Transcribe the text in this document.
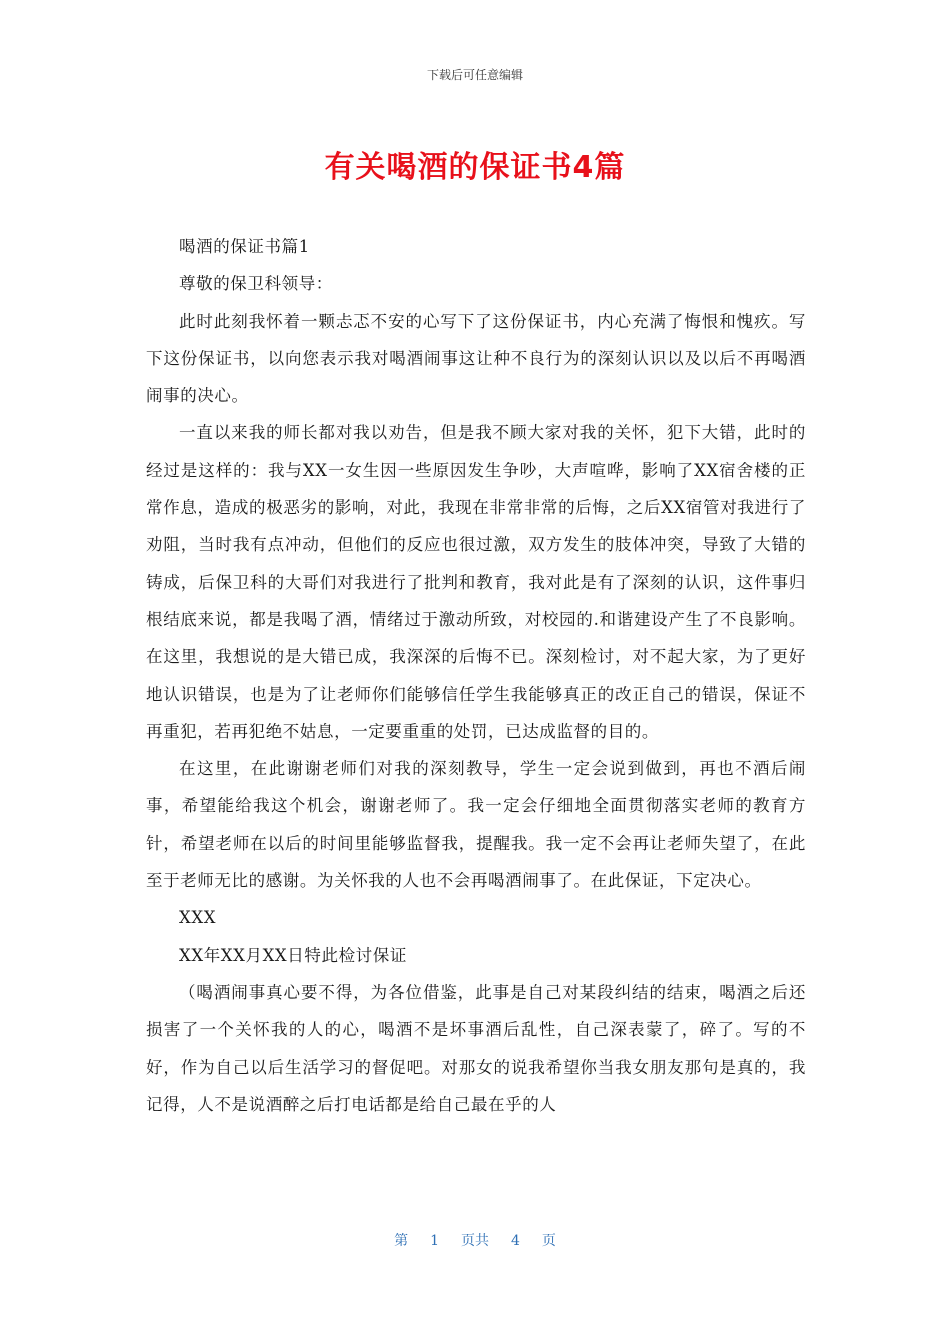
下载后可任意编辑
有关喝酒的保证书4篇

喝酒的保证书篇1

尊敬的保卫科领导：

此时此刻我怀着一颗忐忑不安的心写下了这份保证书，内心充满了悔恨和愧疚。写下这份保证书，以向您表示我对喝酒闹事这让种不良行为的深刻认识以及以后不再喝酒闹事的决心。

一直以来我的师长都对我以劝告，但是我不顾大家对我的关怀，犯下大错，此时的经过是这样的：我与XX一女生因一些原因发生争吵，大声喧哗，影响了XX宿舍楼的正常作息，造成的极恶劣的影响，对此，我现在非常非常的后悔，之后XX宿管对我进行了劝阻，当时我有点冲动，但他们的反应也很过激，双方发生的肢体冲突，导致了大错的铸成，后保卫科的大哥们对我进行了批判和教育，我对此是有了深刻的认识，这件事归根结底来说，都是我喝了酒，情绪过于激动所致，对校园的.和谐建设产生了不良影响。在这里，我想说的是大错已成，我深深的后悔不已。深刻检讨，对不起大家，为了更好地认识错误，也是为了让老师你们能够信任学生我能够真正的改正自己的错误，保证不再重犯，若再犯绝不姑息，一定要重重的处罚，已达成监督的目的。

在这里，在此谢谢老师们对我的深刻教导，学生一定会说到做到，再也不酒后闹事，希望能给我这个机会，谢谢老师了。我一定会仔细地全面贯彻落实老师的教育方针，希望老师在以后的时间里能够监督我，提醒我。我一定不会再让老师失望了，在此至于老师无比的感谢。为关怀我的人也不会再喝酒闹事了。在此保证，下定决心。

XXX

XX年XX月XX日特此检讨保证

（喝酒闹事真心要不得，为各位借鉴，此事是自己对某段纠结的结束，喝酒之后还损害了一个关怀我的人的心，喝酒不是坏事酒后乱性，自己深表蒙了，碎了。写的不好，作为自己以后生活学习的督促吧。对那女的说我希望你当我女朋友那句是真的，我记得，人不是说酒醉之后打电话都是给自己最在乎的人

第 1 页共 4 页
